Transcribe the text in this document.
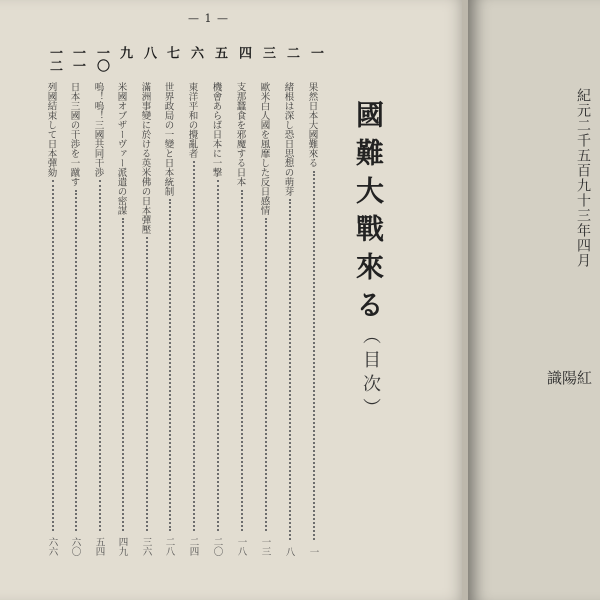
— 1 —
國難大戰來る
（目次）
一
果然日本大國難來る
一
二
緒根は深し恐日思想の萌芽
八
三
歐米白人國を風靡した反日感情
一三
四
支那蠶食を邪魔する日本
一八
五
機會あらば日本に一撃
二〇
六
東洋平和の攪亂者
二四
七
世界政局の一變と日本統制
二八
八
滿洲事變に於ける英米佛の日本彈壓
三六
九
米國オブザーヴァー派遣の密謀
四九
一〇
嗚！嗚！三國共同干渉
五四
一一
日本三國の干渉を一蹴す
六〇
一二
列國結束して日本彈劾
六六
紀元二千五百九十三年四月
紅
陽
識
